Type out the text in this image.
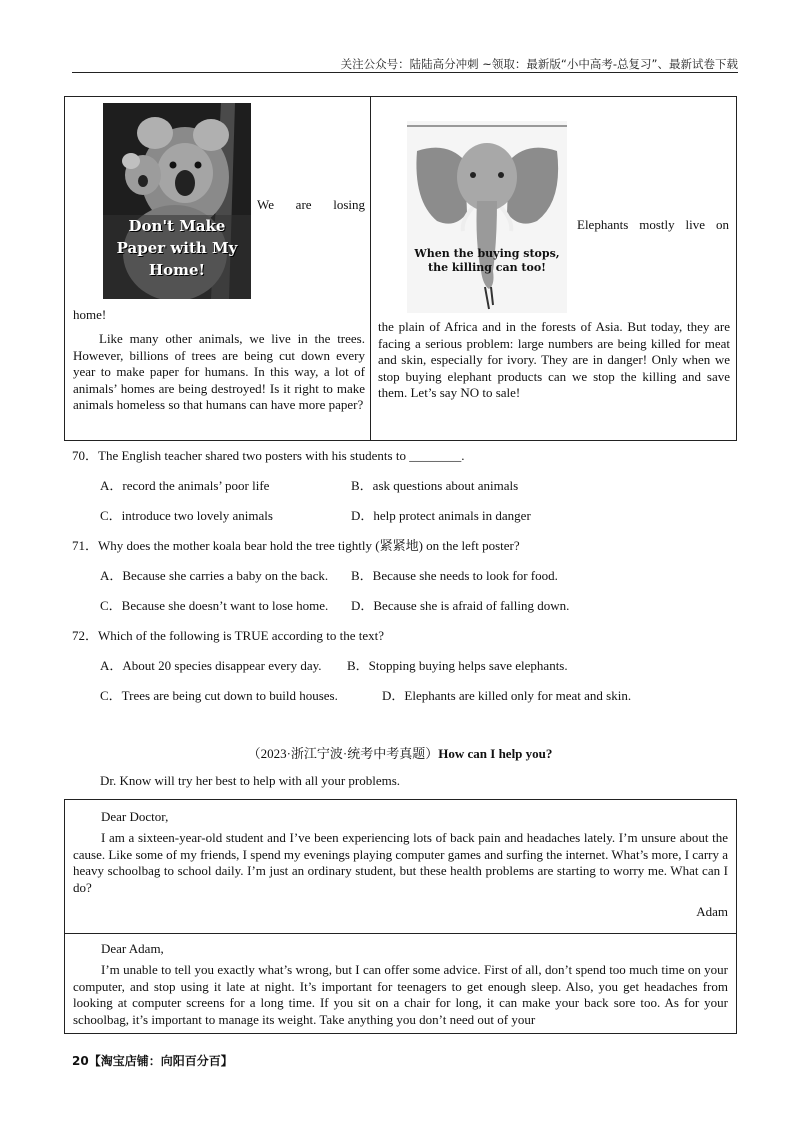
关注公众号：陆陆高分冲刺 ~领取：最新版“小中高考-总复习”、最新试卷下载
Don't Make Paper with My Home!
We are losing
home!

Like many other animals, we live in the trees. However, billions of trees are being cut down every year to make paper for humans. In this way, a lot of animals’ homes are being destroyed! Is it right to make animals homeless so that humans can have more paper?

When the buying stops,
the killing can too!
Elephants mostly live on
the plain of Africa and in the forests of Asia. But today, they are facing a serious problem: large numbers are being killed for meat and skin, especially for ivory. They are in danger! Only when we stop buying elephant products can we stop the killing and save them. Let’s say NO to sale!
70．The English teacher shared two posters with his students to ________.
A．record the animals’ poor life	B．ask questions about animals
C．introduce two lovely animals	D．help protect animals in danger
71．Why does the mother koala bear hold the tree tightly (紧紧地) on the left poster?
A．Because she carries a baby on the back. B．Because she needs to look for food.
C．Because she doesn’t want to lose home. D．Because she is afraid of falling down.
72．Which of the following is TRUE according to the text?
A．About 20 species disappear every day. B．Stopping buying helps save elephants.
C．Trees are being cut down to build houses.	D．Elephants are killed only for meat and skin.
（2023·浙江宁波·统考中考真题）How can I help you?
Dr. Know will try her best to help with all your problems.
Dear Doctor,
I am a sixteen-year-old student and I’ve been experiencing lots of back pain and headaches lately. I’m unsure about the cause. Like some of my friends, I spend my evenings playing computer games and surfing the internet. What’s more, I carry a heavy schoolbag to school daily. I’m just an ordinary student, but these health problems are starting to worry me. What can I do?
Adam
Dear Adam,
I’m unable to tell you exactly what’s wrong, but I can offer some advice. First of all, don’t spend too much time on your computer, and stop using it late at night. It’s important for teenagers to get enough sleep. Also, you get headaches from looking at computer screens for a long time. If you sit on a chair for long, it can make your back sore too. As for your schoolbag, it’s important to manage its weight. Take anything you don’t need out of your
20【淘宝店铺：向阳百分百】
